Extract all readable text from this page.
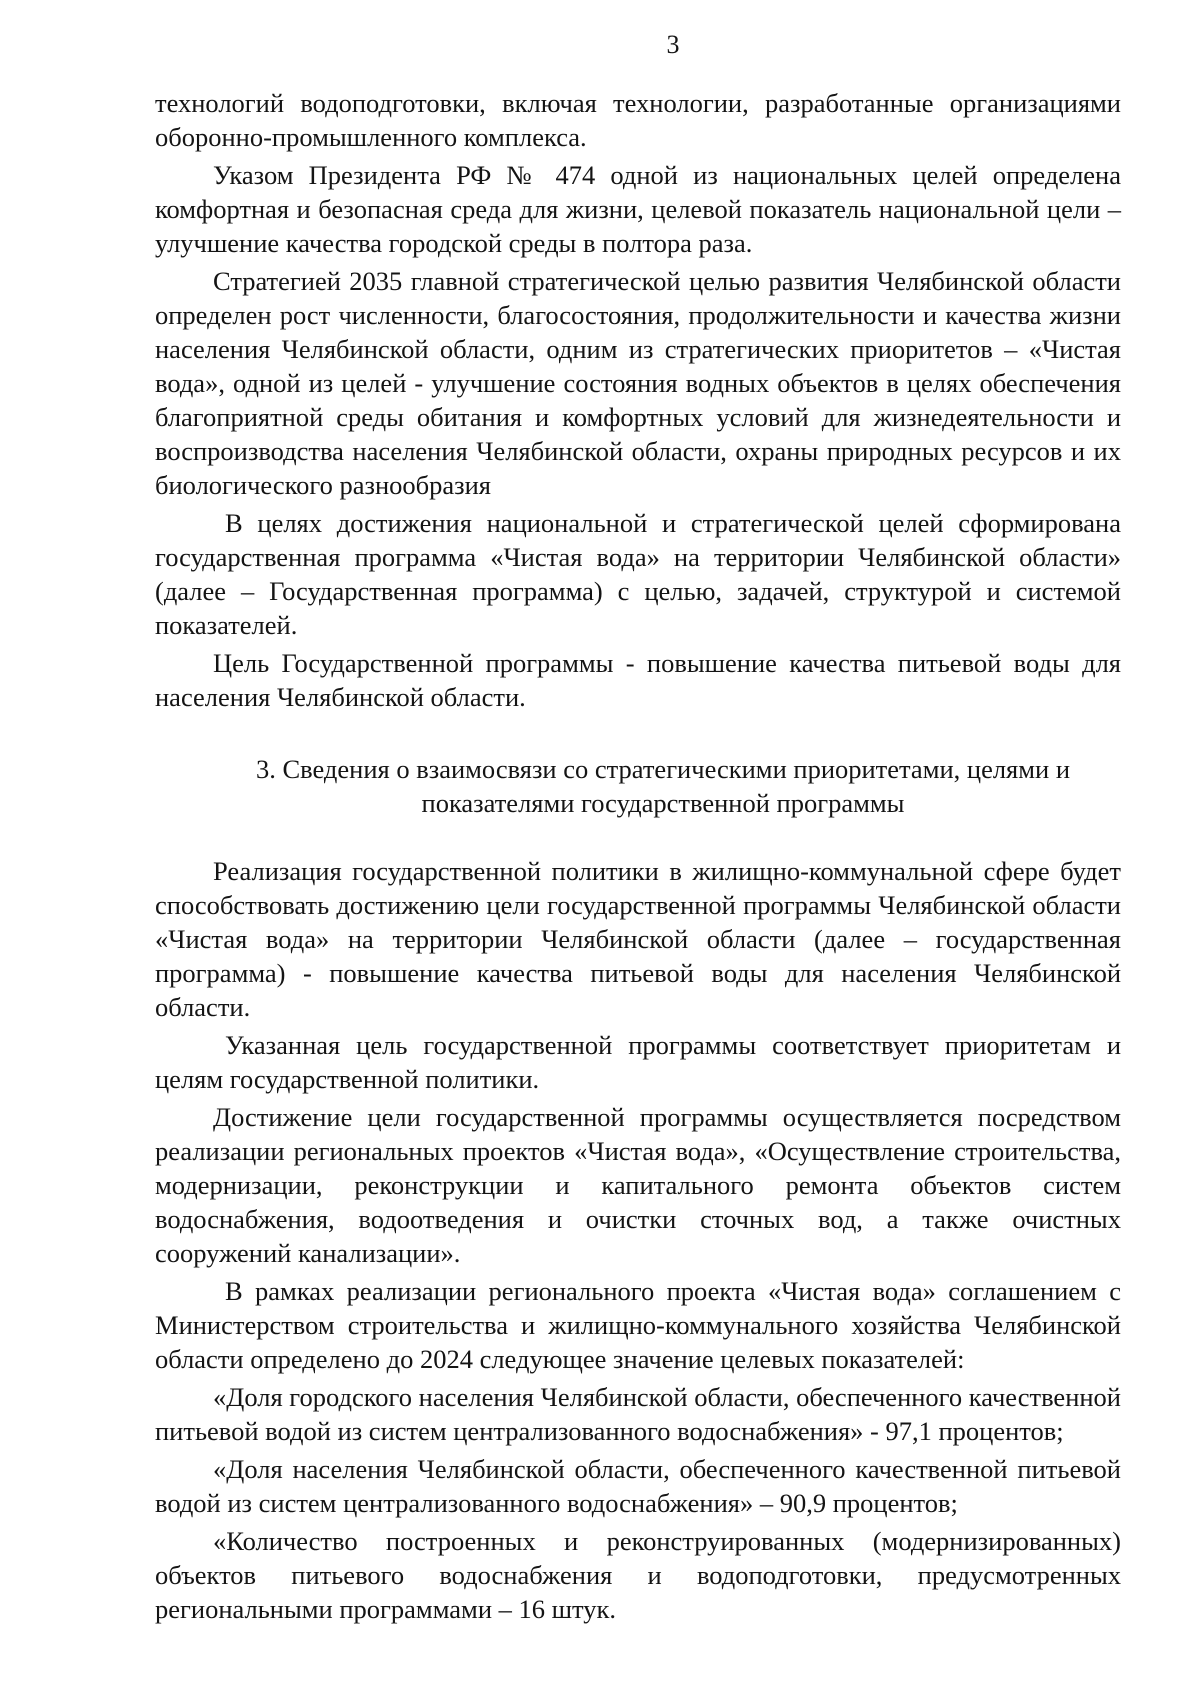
3

технологий водоподготовки, включая технологии, разработанные организациями оборонно-промышленного комплекса.

Указом Президента РФ № 474 одной из национальных целей определена комфортная и безопасная среда для жизни, целевой показатель национальной цели – улучшение качества городской среды в полтора раза.

Стратегией 2035 главной стратегической целью развития Челябинской области определен рост численности, благосостояния, продолжительности и качества жизни населения Челябинской области, одним из стратегических приоритетов – «Чистая вода», одной из целей - улучшение состояния водных объектов в целях обеспечения благоприятной среды обитания и комфортных условий для жизнедеятельности и воспроизводства населения Челябинской области, охраны природных ресурсов и их биологического разнообразия

В целях достижения национальной и стратегической целей сформирована государственная программа «Чистая вода» на территории Челябинской области» (далее – Государственная программа) с целью, задачей, структурой и системой показателей.

Цель Государственной программы - повышение качества питьевой воды для населения Челябинской области.

3. Сведения о взаимосвязи со стратегическими приоритетами, целями и
показателями государственной программы

Реализация государственной политики в жилищно-коммунальной сфере будет способствовать достижению цели государственной программы Челябинской области «Чистая вода» на территории Челябинской области (далее – государственная программа) - повышение качества питьевой воды для населения Челябинской области.

Указанная цель государственной программы соответствует приоритетам и целям государственной политики.

Достижение цели государственной программы осуществляется посредством реализации региональных проектов «Чистая вода», «Осуществление строительства, модернизации, реконструкции и капитального ремонта объектов систем водоснабжения, водоотведения и очистки сточных вод, а также очистных сооружений канализации».

В рамках реализации регионального проекта «Чистая вода» соглашением с Министерством строительства и жилищно-коммунального хозяйства Челябинской области определено до 2024 следующее значение целевых показателей:

«Доля городского населения Челябинской области, обеспеченного качественной питьевой водой из систем централизованного водоснабжения» - 97,1 процентов;

«Доля населения Челябинской области, обеспеченного качественной питьевой водой из систем централизованного водоснабжения» – 90,9 процентов;

«Количество построенных и реконструированных (модернизированных) объектов питьевого водоснабжения и водоподготовки, предусмотренных региональными программами – 16 штук.
